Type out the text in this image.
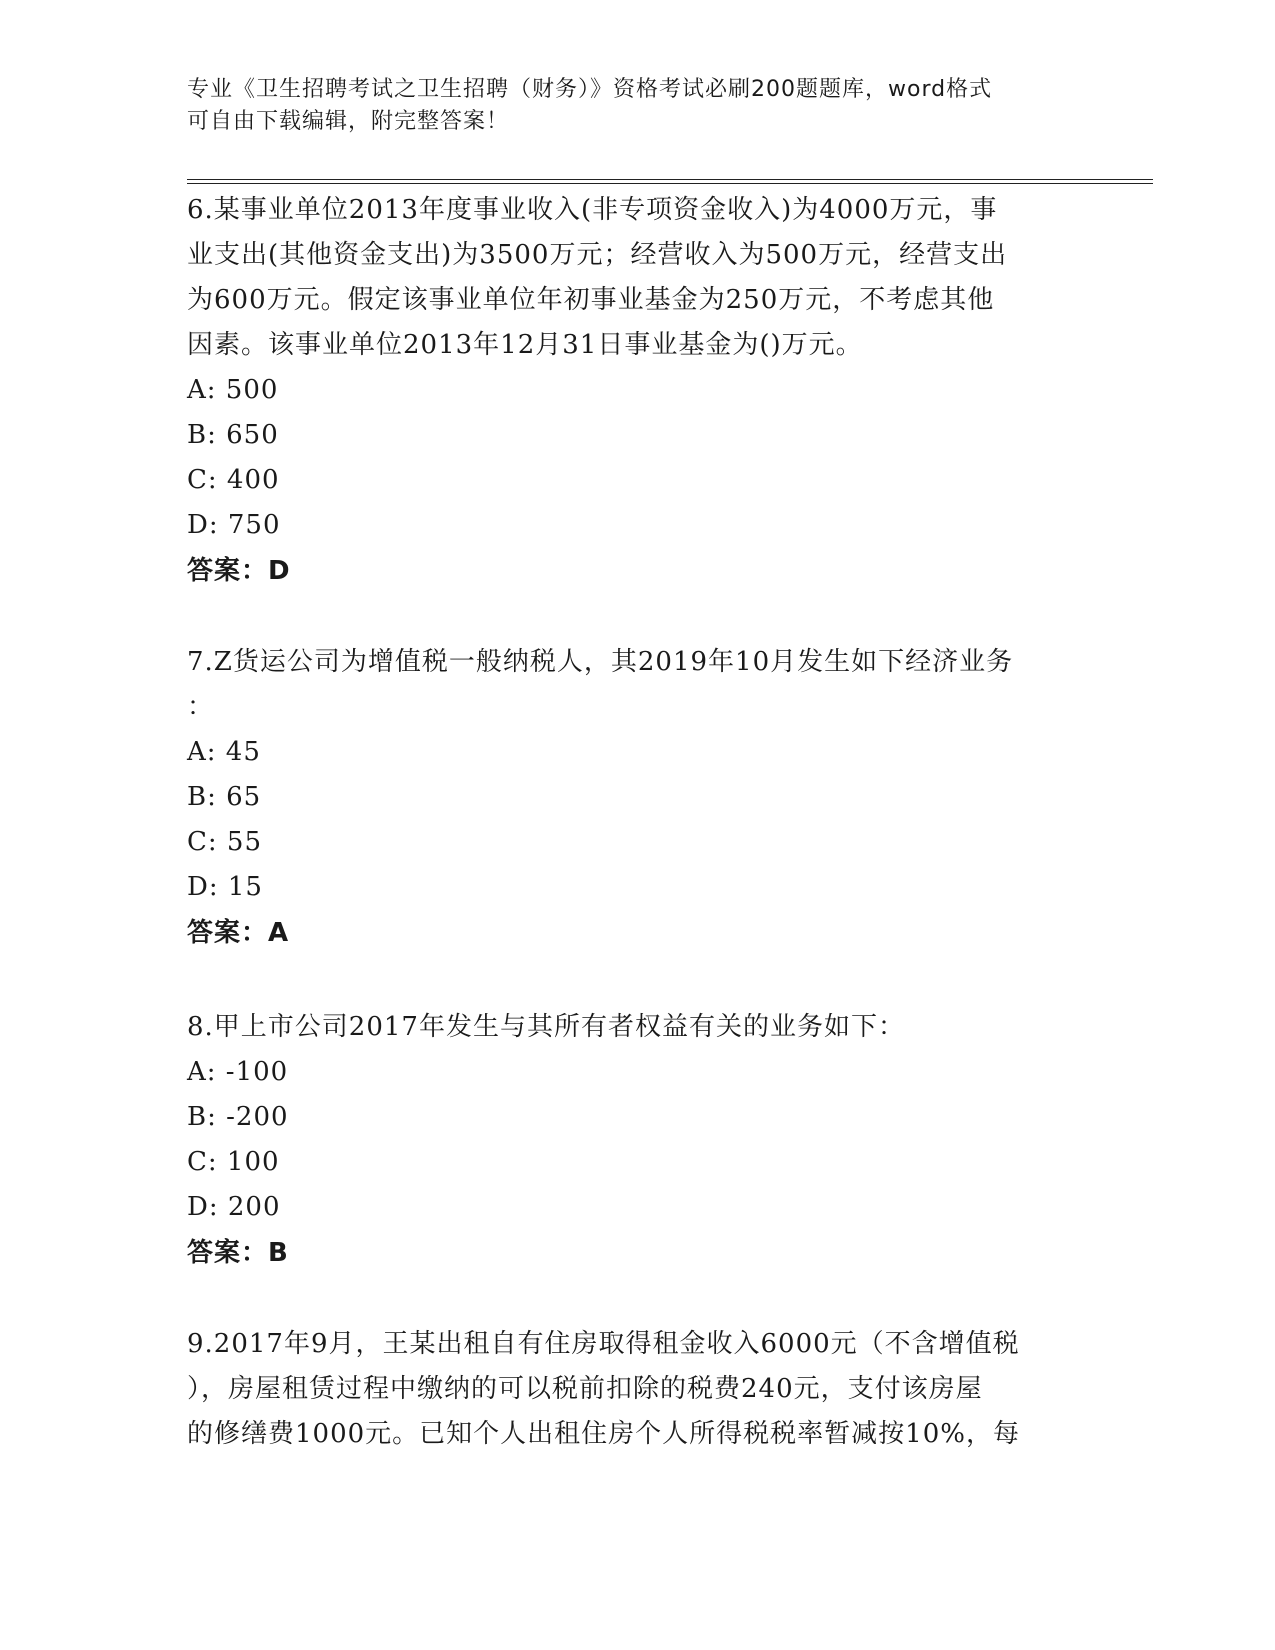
专业《卫生招聘考试之卫生招聘（财务）》资格考试必刷200题题库，word格式

可自由下载编辑，附完整答案！

6.某事业单位2013年度事业收入(非专项资金收入)为4000万元，事

业支出(其他资金支出)为3500万元；经营收入为500万元，经营支出

为600万元。假定该事业单位年初事业基金为250万元，不考虑其他

因素。该事业单位2013年12月31日事业基金为()万元。

A: 500

B: 650

C: 400

D: 750

答案：D

7.Z货运公司为增值税一般纳税人，其2019年10月发生如下经济业务

：

A: 45

B: 65

C: 55

D: 15

答案：A

8.甲上市公司2017年发生与其所有者权益有关的业务如下：

A: -100

B: -200

C: 100

D: 200

答案：B

9.2017年9月，王某出租自有住房取得租金收入6000元（不含增值税

），房屋租赁过程中缴纳的可以税前扣除的税费240元，支付该房屋

的修缮费1000元。已知个人出租住房个人所得税税率暂减按10%，每
